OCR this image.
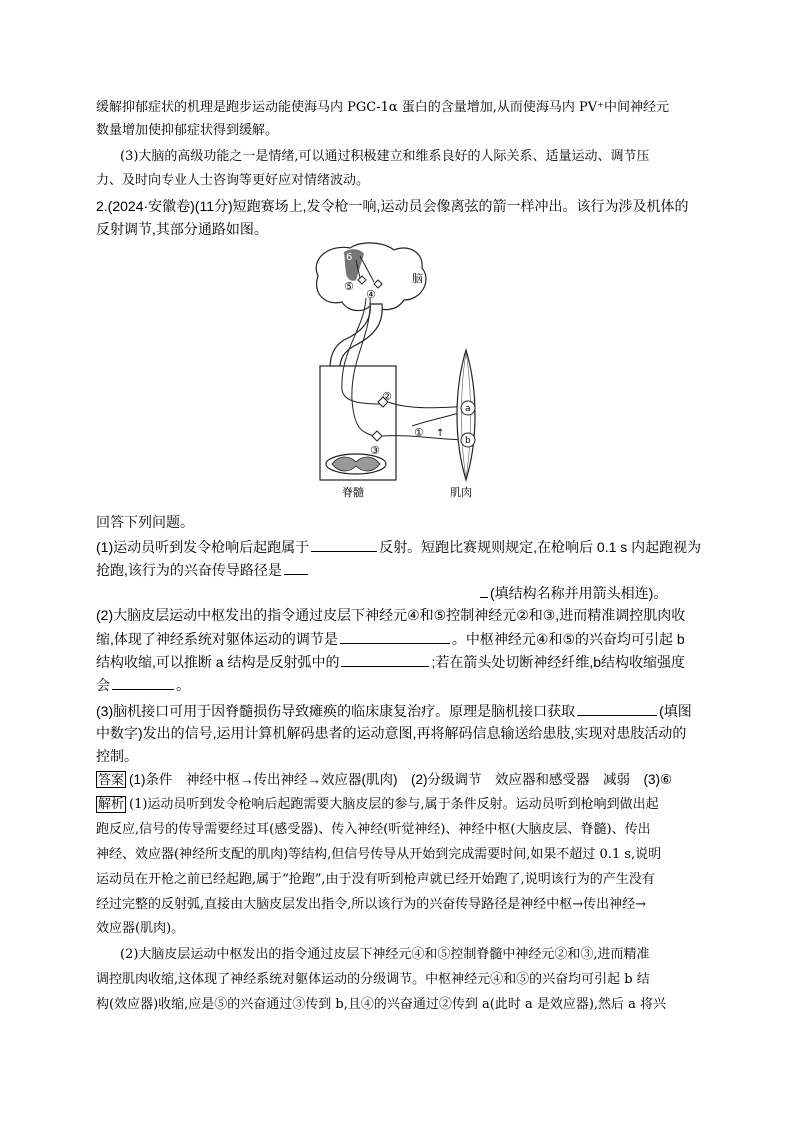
缓解抑郁症状的机理是跑步运动能使海马内 PGC-1α 蛋白的含量增加,从而使海马内 PV⁺中间神经元
数量增加使抑郁症状得到缓解。
(3)大脑的高级功能之一是情绪,可以通过积极建立和维系良好的人际关系、适量运动、调节压
力、及时向专业人士咨询等更好应对情绪波动。
2.(2024·安徽卷)(11分)短跑赛场上,发令枪一响,运动员会像离弦的箭一样冲出。该行为涉及机体的
反射调节,其部分通路如图。
6
⑤
④
脑
②
③
① ↑
a
b
脊髓	肌肉
回答下列问题。
(1)运动员听到发令枪响后起跑属于	反射。短跑比赛规则规定,在枪响后 0.1 s 内起跑视为
抢跑,该行为的兴奋传导路径是
(填结构名称并用箭头相连)。
(2)大脑皮层运动中枢发出的指令通过皮层下神经元④和⑤控制神经元②和③,进而精准调控肌肉收
缩,体现了神经系统对躯体运动的调节是	。中枢神经元④和⑤的兴奋均可引起 b
结构收缩,可以推断 a 结构是反射弧中的	;若在箭头处切断神经纤维,b结构收缩强度
会	。
(3)脑机接口可用于因脊髓损伤导致瘫痪的临床康复治疗。原理是脑机接口获取	(填图
中数字)发出的信号,运用计算机解码患者的运动意图,再将解码信息输送给患肢,实现对患肢活动的
控制。
答案 (1)条件　神经中枢→传出神经→效应器(肌肉)　(2)分级调节　效应器和感受器　减弱　(3)⑥
解析 (1)运动员听到发令枪响后起跑需要大脑皮层的参与,属于条件反射。运动员听到枪响到做出起
跑反应,信号的传导需要经过耳(感受器)、传入神经(听觉神经)、神经中枢(大脑皮层、脊髓)、传出
神经、效应器(神经所支配的肌肉)等结构,但信号传导从开始到完成需要时间,如果不超过 0.1 s,说明
运动员在开枪之前已经起跑,属于“抢跑”,由于没有听到枪声就已经开始跑了,说明该行为的产生没有
经过完整的反射弧,直接由大脑皮层发出指令,所以该行为的兴奋传导路径是神经中枢→传出神经→
效应器(肌肉)。
(2)大脑皮层运动中枢发出的指令通过皮层下神经元④和⑤控制脊髓中神经元②和③,进而精准
调控肌肉收缩,这体现了神经系统对躯体运动的分级调节。中枢神经元④和⑤的兴奋均可引起 b 结
构(效应器)收缩,应是⑤的兴奋通过③传到 b,且④的兴奋通过②传到 a(此时 a 是效应器),然后 a 将兴
